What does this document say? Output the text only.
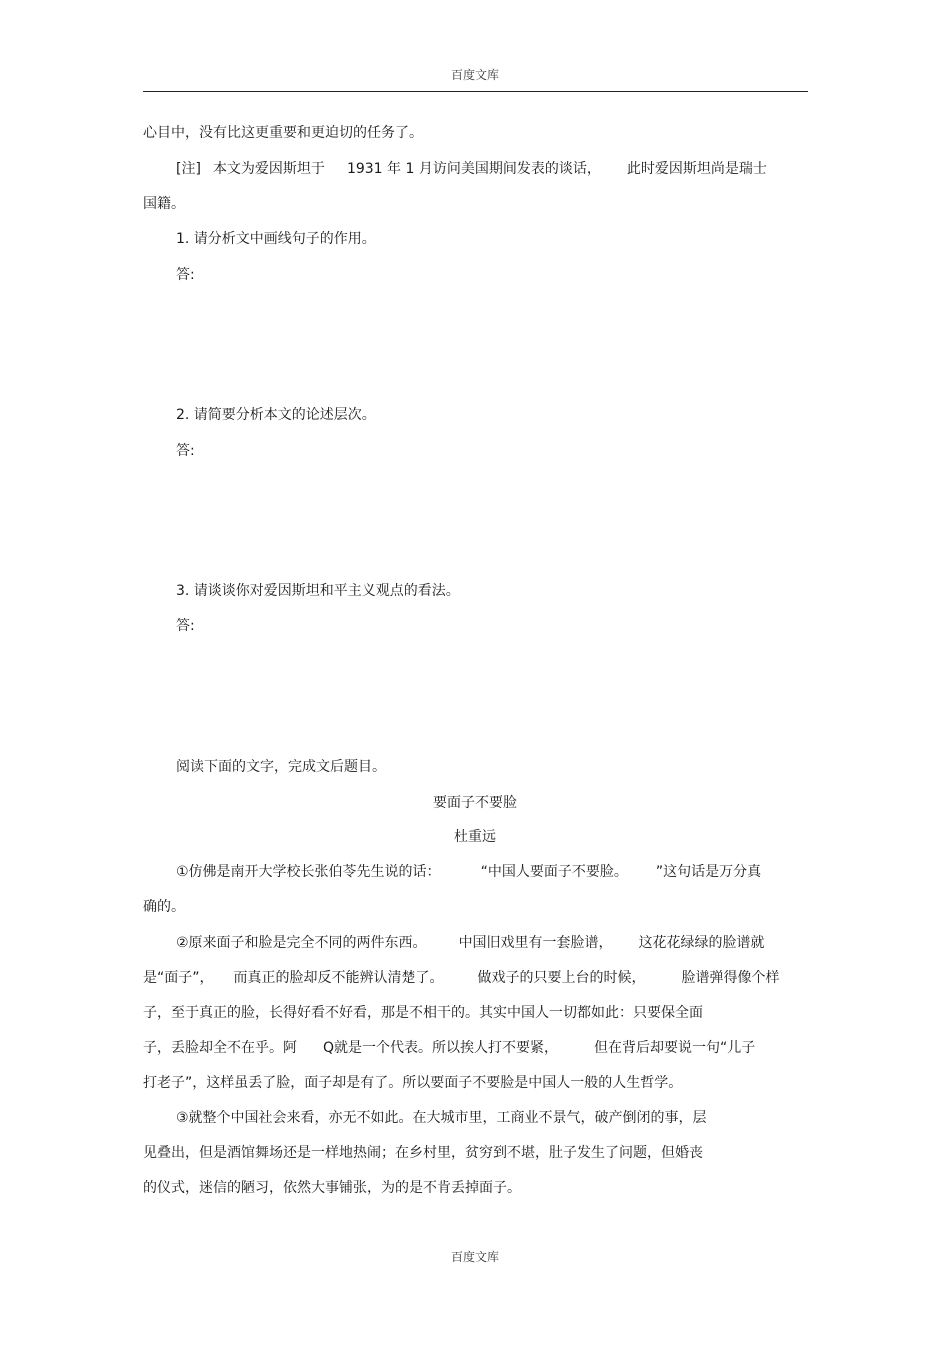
百度文库
心目中，没有比这更重要和更迫切的任务了。
[注] 本文为爱因斯坦于 1931 年 1 月访问美国期间发表的谈话， 此时爱因斯坦尚是瑞士
国籍。
1. 请分析文中画线句子的作用。
答:
2. 请简要分析本文的论述层次。
答:
3. 请谈谈你对爱因斯坦和平主义观点的看法。
答:
阅读下面的文字，完成文后题目。
要面子不要脸
杜重远
①仿佛是南开大学校长张伯苓先生说的话：	“中国人要面子不要脸。 ”这句话是万分真
确的。
②原来面子和脸是完全不同的两件东西。 中国旧戏里有一套脸谱， 这花花绿绿的脸谱就
是“面子”， 而真正的脸却反不能辨认清楚了。 做戏子的只要上台的时候，	脸谱弹得像个样
子，至于真正的脸，长得好看不好看，那是不相干的。其实中国人一切都如此：只要保全面
子，丢脸却全不在乎。阿 Q就是一个代表。所以挨人打不要紧，	但在背后却要说一句“儿子
打老子”，这样虽丢了脸，面子却是有了。所以要面子不要脸是中国人一般的人生哲学。
③就整个中国社会来看，亦无不如此。在大城市里，工商业不景气，破产倒闭的事，层
见叠出，但是酒馆舞场还是一样地热闹；在乡村里，贫穷到不堪，肚子发生了问题，但婚丧
的仪式，迷信的陋习，依然大事铺张，为的是不肯丢掉面子。
百度文库
